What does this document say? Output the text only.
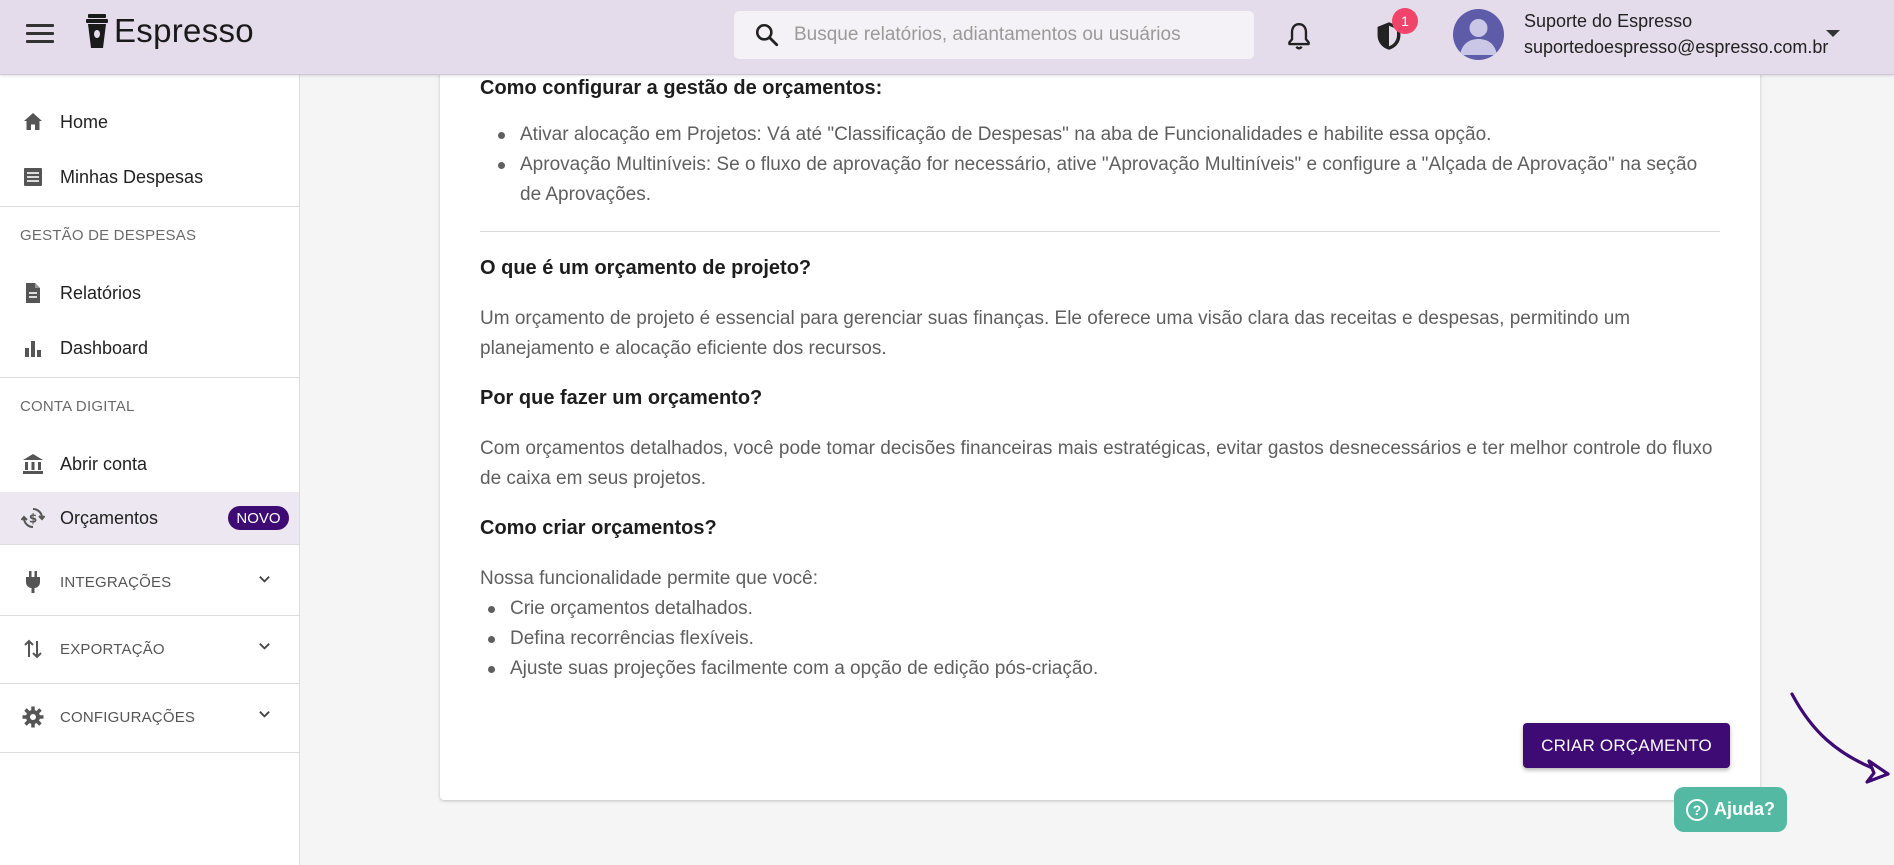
Espresso
Busque relatórios, adiantamentos ou usuários	1	Suporte do Espresso
suportedoespresso@espresso.com.br
Home
Minhas Despesas
GESTÃO DE DESPESAS
Relatórios
Dashboard
CONTA DIGITAL
Abrir conta
$ Orçamentos	NOVO
INTEGRAÇÕES
EXPORTAÇÃO
CONFIGURAÇÕES
Como configurar a gestão de orçamentos:
Ativar alocação em Projetos: Vá até "Classificação de Despesas" na aba de Funcionalidades e habilite essa opção.
Aprovação Multiníveis: Se o fluxo de aprovação for necessário, ative "Aprovação Multiníveis" e configure a "Alçada de Aprovação" na seção de Aprovações.
O que é um orçamento de projeto?
Um orçamento de projeto é essencial para gerenciar suas finanças. Ele oferece uma visão clara das receitas e despesas, permitindo um planejamento e alocação eficiente dos recursos.
Por que fazer um orçamento?
Com orçamentos detalhados, você pode tomar decisões financeiras mais estratégicas, evitar gastos desnecessários e ter melhor controle do fluxo de caixa em seus projetos.
Como criar orçamentos?
Nossa funcionalidade permite que você:
Crie orçamentos detalhados.
Defina recorrências flexíveis.
Ajuste suas projeções facilmente com a opção de edição pós-criação.
CRIAR ORÇAMENTO
? Ajuda?
